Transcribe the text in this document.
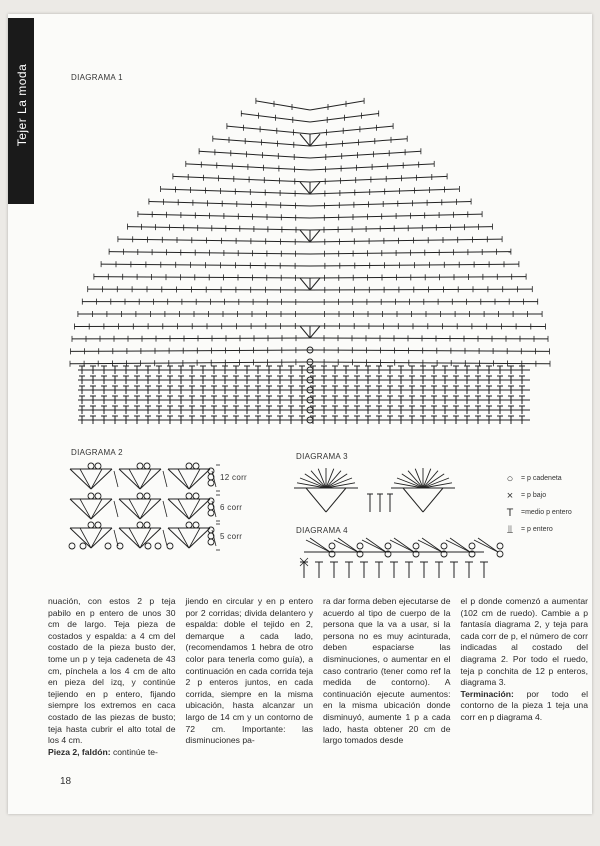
Tejer La moda	DIAGRAMA 1
DIAGRAMA 2	DIAGRAMA 3
DIAGRAMA 4
12 corr
6 corr
5 corr
○	= p cadeneta
×	= p bajo
T	=medio p entero
⫫	= p entero
nuación, con estos 2 p teja pabilo en p entero de unos 30 cm de largo. Teja pieza de costados y espalda: a 4 cm del costado de la pieza busto der, tome un p y teja cadeneta de 43 cm, pínchela a los 4 cm de alto en pieza del izq, y continúe tejiendo en p entero, fijando siempre los extremos en caca costado de las piezas de busto; teja hasta cubrir el alto total de los 4 cm.
Pieza 2, faldón: continúe te-
jiendo en circular y en p entero por 2 corridas; divida delantero y espalda: doble el tejido en 2, demarque a cada lado, (recomendamos 1 hebra de otro color para tenerla como guía), a continuación en cada corrida teja 2 p enteros juntos, en cada corrida, siempre en la misma ubicación, hasta alcanzar un largo de 14 cm y un contorno de 72 cm. Importante: las disminuciones pa-
ra dar forma deben ejecutarse de acuerdo al tipo de cuerpo de la persona que la va a usar, si la persona no es muy acinturada, deben espaciarse las disminuciones, o aumentar en el caso contrario (tener como ref la medida de contorno). A continuación ejecute aumentos: en la misma ubicación donde disminuyó, aumente 1 p a cada lado, hasta obtener 20 cm de largo tomados desde
el p donde comenzó a aumentar (102 cm de ruedo). Cambie a p fantasía diagrama 2, y teja para cada corr de p, el número de corr indicadas al costado del diagrama 2. Por todo el ruedo, teja p conchita de 12 p enteros, diagrama 3.
Terminación: por todo el contorno de la pieza 1 teja una corr en p diagrama 4.
18
